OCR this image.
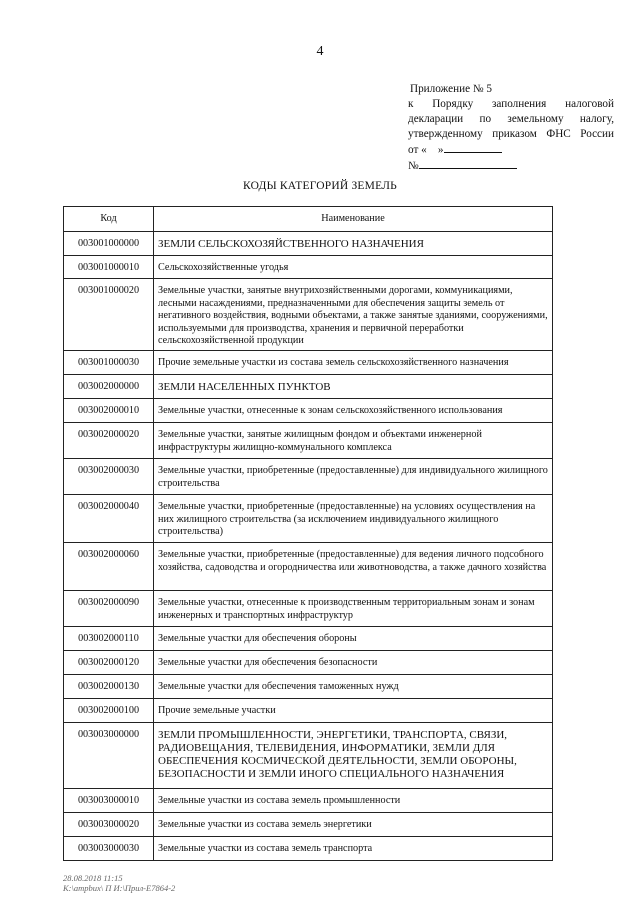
4
Приложение № 5
к Порядку заполнения налоговой
декларации по земельному налогу,
утвержденному приказом ФНС России
от « »
№
КОДЫ КАТЕГОРИЙ ЗЕМЕЛЬ
Код	Наименование
003001000000	ЗЕМЛИ СЕЛЬСКОХОЗЯЙСТВЕННОГО НАЗНАЧЕНИЯ
003001000010	Сельскохозяйственные угодья
003001000020	Земельные участки, занятые внутрихозяйственными дорогами, коммуникациями, лесными насаждениями, предназначенными для обеспечения защиты земель от негативного воздействия, водными объектами, а также занятые зданиями, сооружениями, используемыми для производства, хранения и первичной переработки сельскохозяйственной продукции
003001000030	Прочие земельные участки из состава земель сельскохозяйственного назначения
003002000000	ЗЕМЛИ НАСЕЛЕННЫХ ПУНКТОВ
003002000010	Земельные участки, отнесенные к зонам сельскохозяйственного использования
003002000020	Земельные участки, занятые жилищным фондом и объектами инженерной инфраструктуры жилищно-коммунального комплекса
003002000030	Земельные участки, приобретенные (предоставленные) для индивидуального жилищного строительства
003002000040	Земельные участки, приобретенные (предоставленные) на условиях осуществления на них жилищного строительства (за исключением индивидуального жилищного строительства)
003002000060	Земельные участки, приобретенные (предоставленные) для ведения личного подсобного хозяйства, садоводства и огородничества или животноводства, а также дачного хозяйства
003002000090	Земельные участки, отнесенные к производственным территориальным зонам и зонам инженерных и транспортных инфраструктур
003002000110	Земельные участки для обеспечения обороны
003002000120	Земельные участки для обеспечения безопасности
003002000130	Земельные участки для обеспечения таможенных нужд
003002000100	Прочие земельные участки
003003000000	ЗЕМЛИ ПРОМЫШЛЕННОСТИ, ЭНЕРГЕТИКИ, ТРАНСПОРТА, СВЯЗИ, РАДИОВЕЩАНИЯ, ТЕЛЕВИДЕНИЯ, ИНФОРМАТИКИ, ЗЕМЛИ ДЛЯ ОБЕСПЕЧЕНИЯ КОСМИЧЕСКОЙ ДЕЯТЕЛЬНОСТИ, ЗЕМЛИ ОБОРОНЫ, БЕЗОПАСНОСТИ И ЗЕМЛИ ИНОГО СПЕЦИАЛЬНОГО НАЗНАЧЕНИЯ
003003000010	Земельные участки из состава земель промышленности
003003000020	Земельные участки из состава земель энергетики
003003000030	Земельные участки из состава земель транспорта
28.08.2018 11:15
К:\ampbux\ П И:\Прил-E7864-2
